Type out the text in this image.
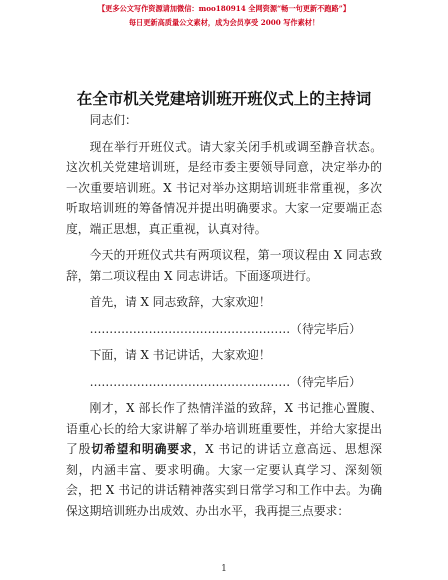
【更多公文写作资源请加微信：moo180914 全网资源“畅一句更新不跑路”】
每日更新高质量公文素材，成为会员享受 2000 写作素材！
在全市机关党建培训班开班仪式上的主持词

同志们：

现在举行开班仪式。请大家关闭手机或调至静音状态。这次机关党建培训班，是经市委主要领导同意，决定举办的一次重要培训班。X 书记对举办这期培训班非常重视，多次听取培训班的筹备情况并提出明确要求。大家一定要端正态度，端正思想，真正重视，认真对待。

今天的开班仪式共有两项议程，第一项议程由 X 同志致辞，第二项议程由 X 同志讲话。下面逐项进行。

首先，请 X 同志致辞，大家欢迎！

……………………………………………（待完毕后）

下面，请 X 书记讲话，大家欢迎！

……………………………………………（待完毕后）

刚才，X 部长作了热情洋溢的致辞，X 书记推心置腹、语重心长的给大家讲解了举办培训班重要性，并给大家提出了殷切希望和明确要求，X 书记的讲话立意高远、思想深刻，内涵丰富、要求明确。大家一定要认真学习、深刻领会，把 X 书记的讲话精神落实到日常学习和工作中去。为确保这期培训班办出成效、办出水平，我再提三点要求：

1
